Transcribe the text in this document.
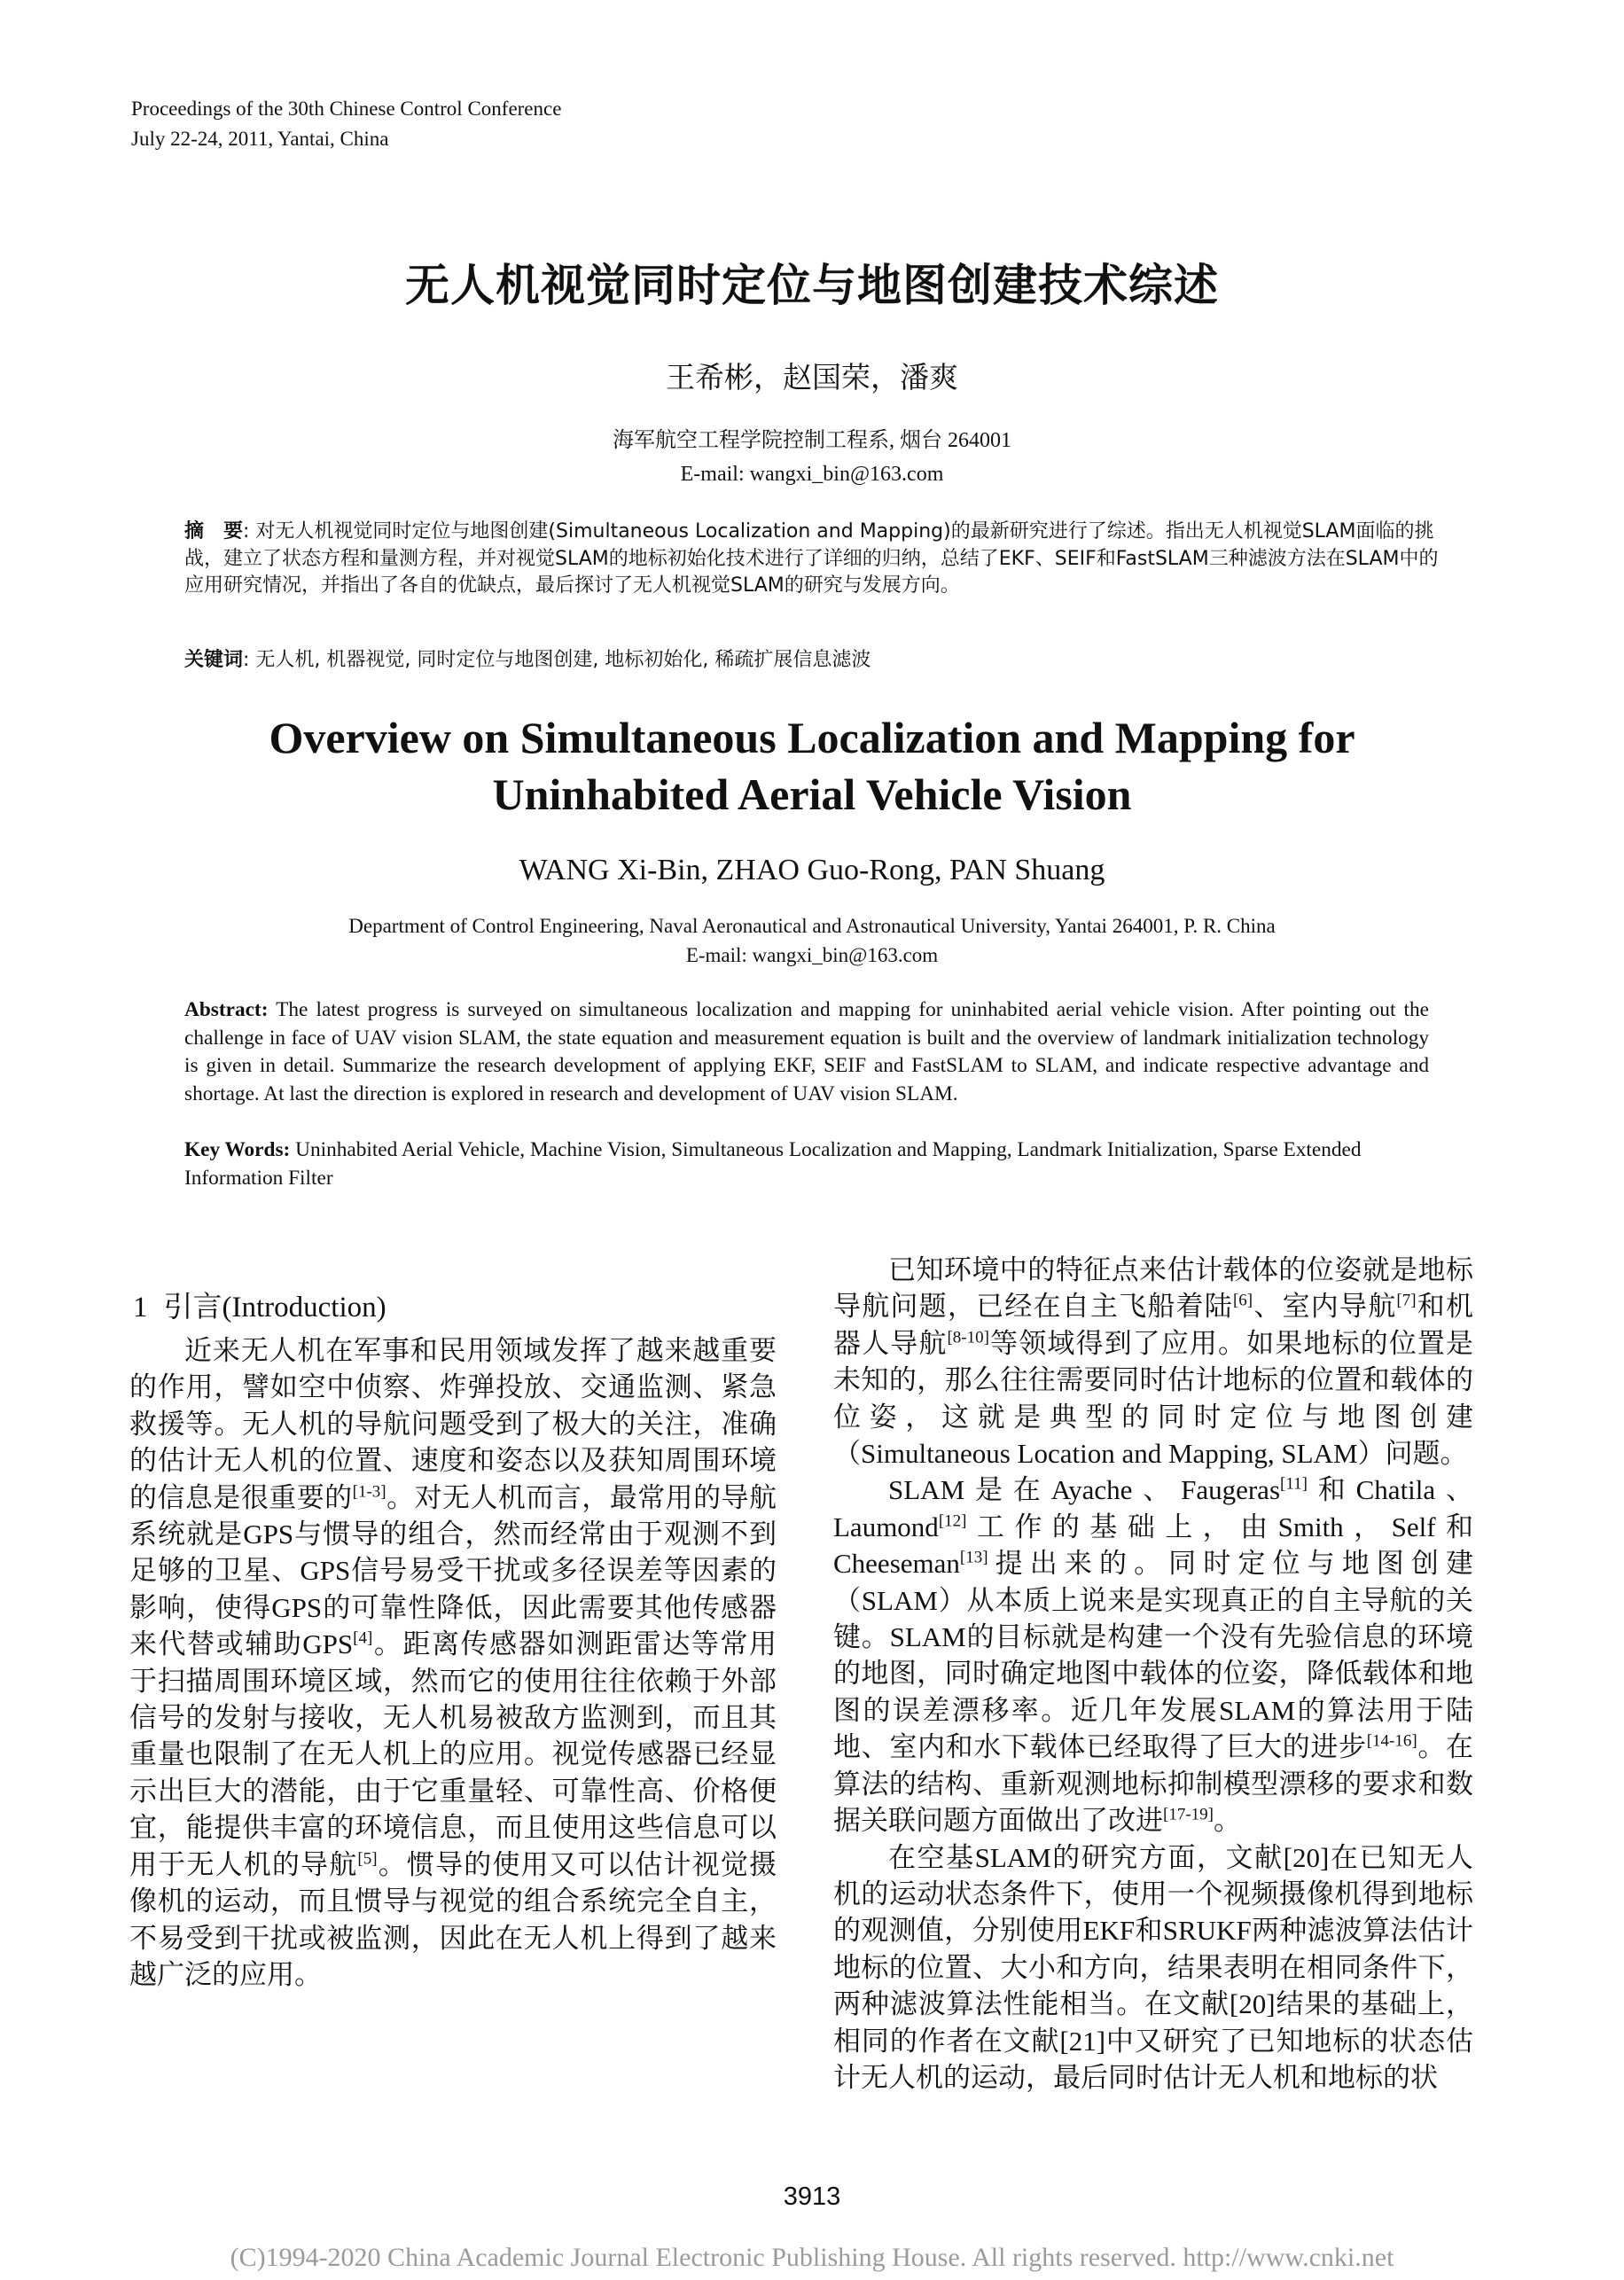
Proceedings of the 30th Chinese Control Conference
July 22-24, 2011, Yantai, China
无人机视觉同时定位与地图创建技术综述
王希彬，赵国荣，潘爽
海军航空工程学院控制工程系, 烟台 264001
E-mail: wangxi_bin@163.com
摘　要: 对无人机视觉同时定位与地图创建(Simultaneous Localization and Mapping)的最新研究进行了综述。指出无人机视觉SLAM面临的挑战，建立了状态方程和量测方程，并对视觉SLAM的地标初始化技术进行了详细的归纳，总结了EKF、SEIF和FastSLAM三种滤波方法在SLAM中的应用研究情况，并指出了各自的优缺点，最后探讨了无人机视觉SLAM的研究与发展方向。
关键词: 无人机, 机器视觉, 同时定位与地图创建, 地标初始化, 稀疏扩展信息滤波
Overview on Simultaneous Localization and Mapping for
Uninhabited Aerial Vehicle Vision
WANG Xi-Bin, ZHAO Guo-Rong, PAN Shuang
Department of Control Engineering, Naval Aeronautical and Astronautical University, Yantai 264001, P. R. China
E-mail: wangxi_bin@163.com
Abstract: The latest progress is surveyed on simultaneous localization and mapping for uninhabited aerial vehicle vision. After pointing out the challenge in face of UAV vision SLAM, the state equation and measurement equation is built and the overview of landmark initialization technology is given in detail. Summarize the research development of applying EKF, SEIF and FastSLAM to SLAM, and indicate respective advantage and shortage. At last the direction is explored in research and development of UAV vision SLAM.
Key Words: Uninhabited Aerial Vehicle, Machine Vision, Simultaneous Localization and Mapping, Landmark Initialization, Sparse Extended Information Filter
1 引言(Introduction)

近来无人机在军事和民用领域发挥了越来越重要的作用，譬如空中侦察、炸弹投放、交通监测、紧急救援等。无人机的导航问题受到了极大的关注，准确的估计无人机的位置、速度和姿态以及获知周围环境的信息是很重要的[1-3]。对无人机而言，最常用的导航系统就是GPS与惯导的组合，然而经常由于观测不到足够的卫星、GPS信号易受干扰或多径误差等因素的影响，使得GPS的可靠性降低，因此需要其他传感器来代替或辅助GPS[4]。距离传感器如测距雷达等常用于扫描周围环境区域，然而它的使用往往依赖于外部信号的发射与接收，无人机易被敌方监测到，而且其重量也限制了在无人机上的应用。视觉传感器已经显示出巨大的潜能，由于它重量轻、可靠性高、价格便宜，能提供丰富的环境信息，而且使用这些信息可以用于无人机的导航[5]。惯导的使用又可以估计视觉摄像机的运动，而且惯导与视觉的组合系统完全自主，不易受到干扰或被监测，因此在无人机上得到了越来越广泛的应用。

已知环境中的特征点来估计载体的位姿就是地标导航问题，已经在自主飞船着陆[6]、室内导航[7]和机器人导航[8-10]等领域得到了应用。如果地标的位置是未知的，那么往往需要同时估计地标的位置和载体的位姿，这就是典型的同时定位与地图创建（Simultaneous Location and Mapping, SLAM）问题。

SLAM是在Ayache、Faugeras[11]和Chatila、Laumond[12]工作的基础上，由Smith，Self和Cheeseman[13]提出来的。同时定位与地图创建（SLAM）从本质上说来是实现真正的自主导航的关键。SLAM的目标就是构建一个没有先验信息的环境的地图，同时确定地图中载体的位姿，降低载体和地图的误差漂移率。近几年发展SLAM的算法用于陆地、室内和水下载体已经取得了巨大的进步[14-16]。在算法的结构、重新观测地标抑制模型漂移的要求和数据关联问题方面做出了改进[17-19]。

在空基SLAM的研究方面，文献[20]在已知无人机的运动状态条件下，使用一个视频摄像机得到地标的观测值，分别使用EKF和SRUKF两种滤波算法估计地标的位置、大小和方向，结果表明在相同条件下，两种滤波算法性能相当。在文献[20]结果的基础上，相同的作者在文献[21]中又研究了已知地标的状态估计无人机的运动，最后同时估计无人机和地标的状

3913
(C)1994-2020 China Academic Journal Electronic Publishing House. All rights reserved. http://www.cnki.net
